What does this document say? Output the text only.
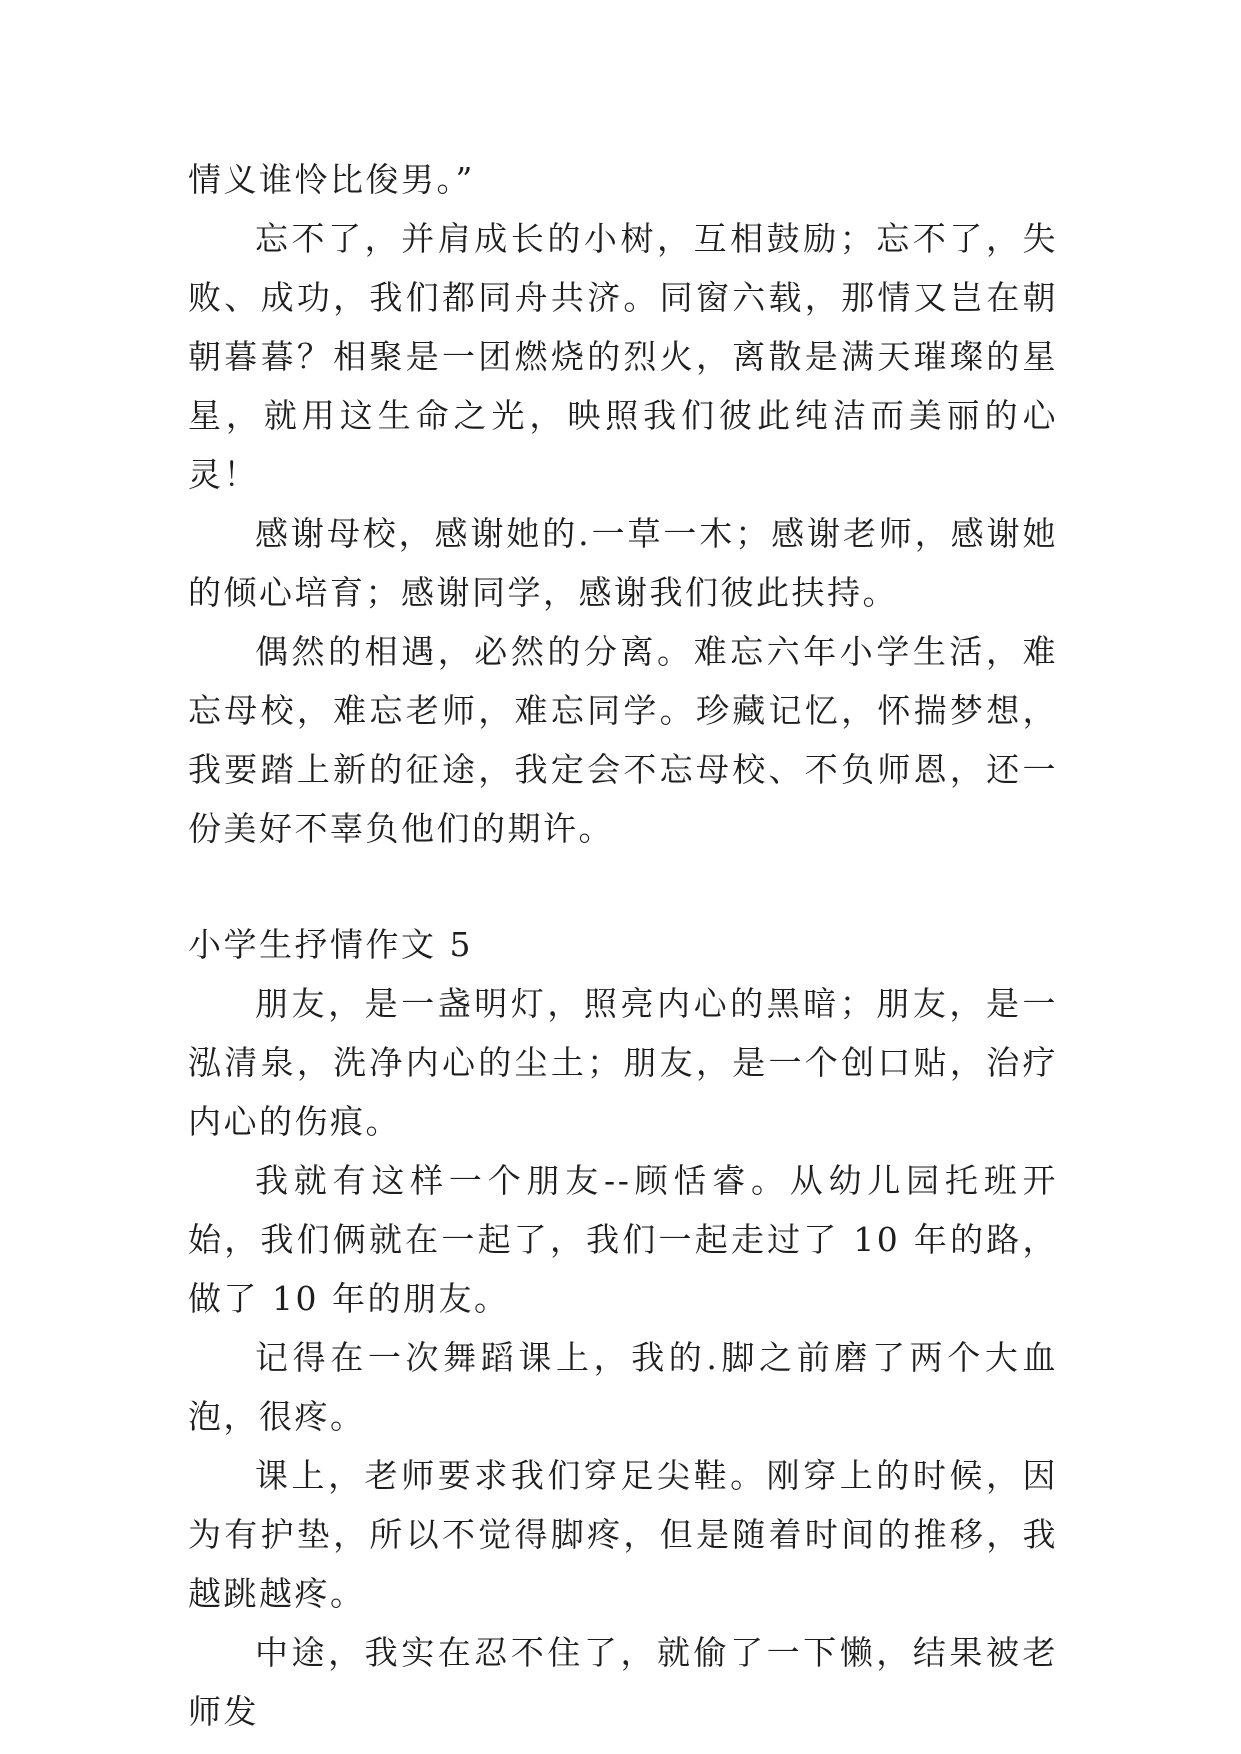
情义谁怜比俊男。”

忘不了，并肩成长的小树，互相鼓励；忘不了，失败、成功，我们都同舟共济。同窗六载，那情又岂在朝朝暮暮？相聚是一团燃烧的烈火，离散是满天璀璨的星星，就用这生命之光，映照我们彼此纯洁而美丽的心灵！

感谢母校，感谢她的.一草一木；感谢老师，感谢她的倾心培育；感谢同学，感谢我们彼此扶持。

偶然的相遇，必然的分离。难忘六年小学生活，难忘母校，难忘老师，难忘同学。珍藏记忆，怀揣梦想，我要踏上新的征途，我定会不忘母校、不负师恩，还一份美好不辜负他们的期许。

小学生抒情作文 5

朋友，是一盏明灯，照亮内心的黑暗；朋友，是一泓清泉，洗净内心的尘土；朋友，是一个创口贴，治疗内心的伤痕。

我就有这样一个朋友--顾恬睿。从幼儿园托班开始，我们俩就在一起了，我们一起走过了 10 年的路，做了 10 年的朋友。

记得在一次舞蹈课上，我的.脚之前磨了两个大血泡，很疼。

课上，老师要求我们穿足尖鞋。刚穿上的时候，因为有护垫，所以不觉得脚疼，但是随着时间的推移，我越跳越疼。

中途，我实在忍不住了，就偷了一下懒，结果被老师发
